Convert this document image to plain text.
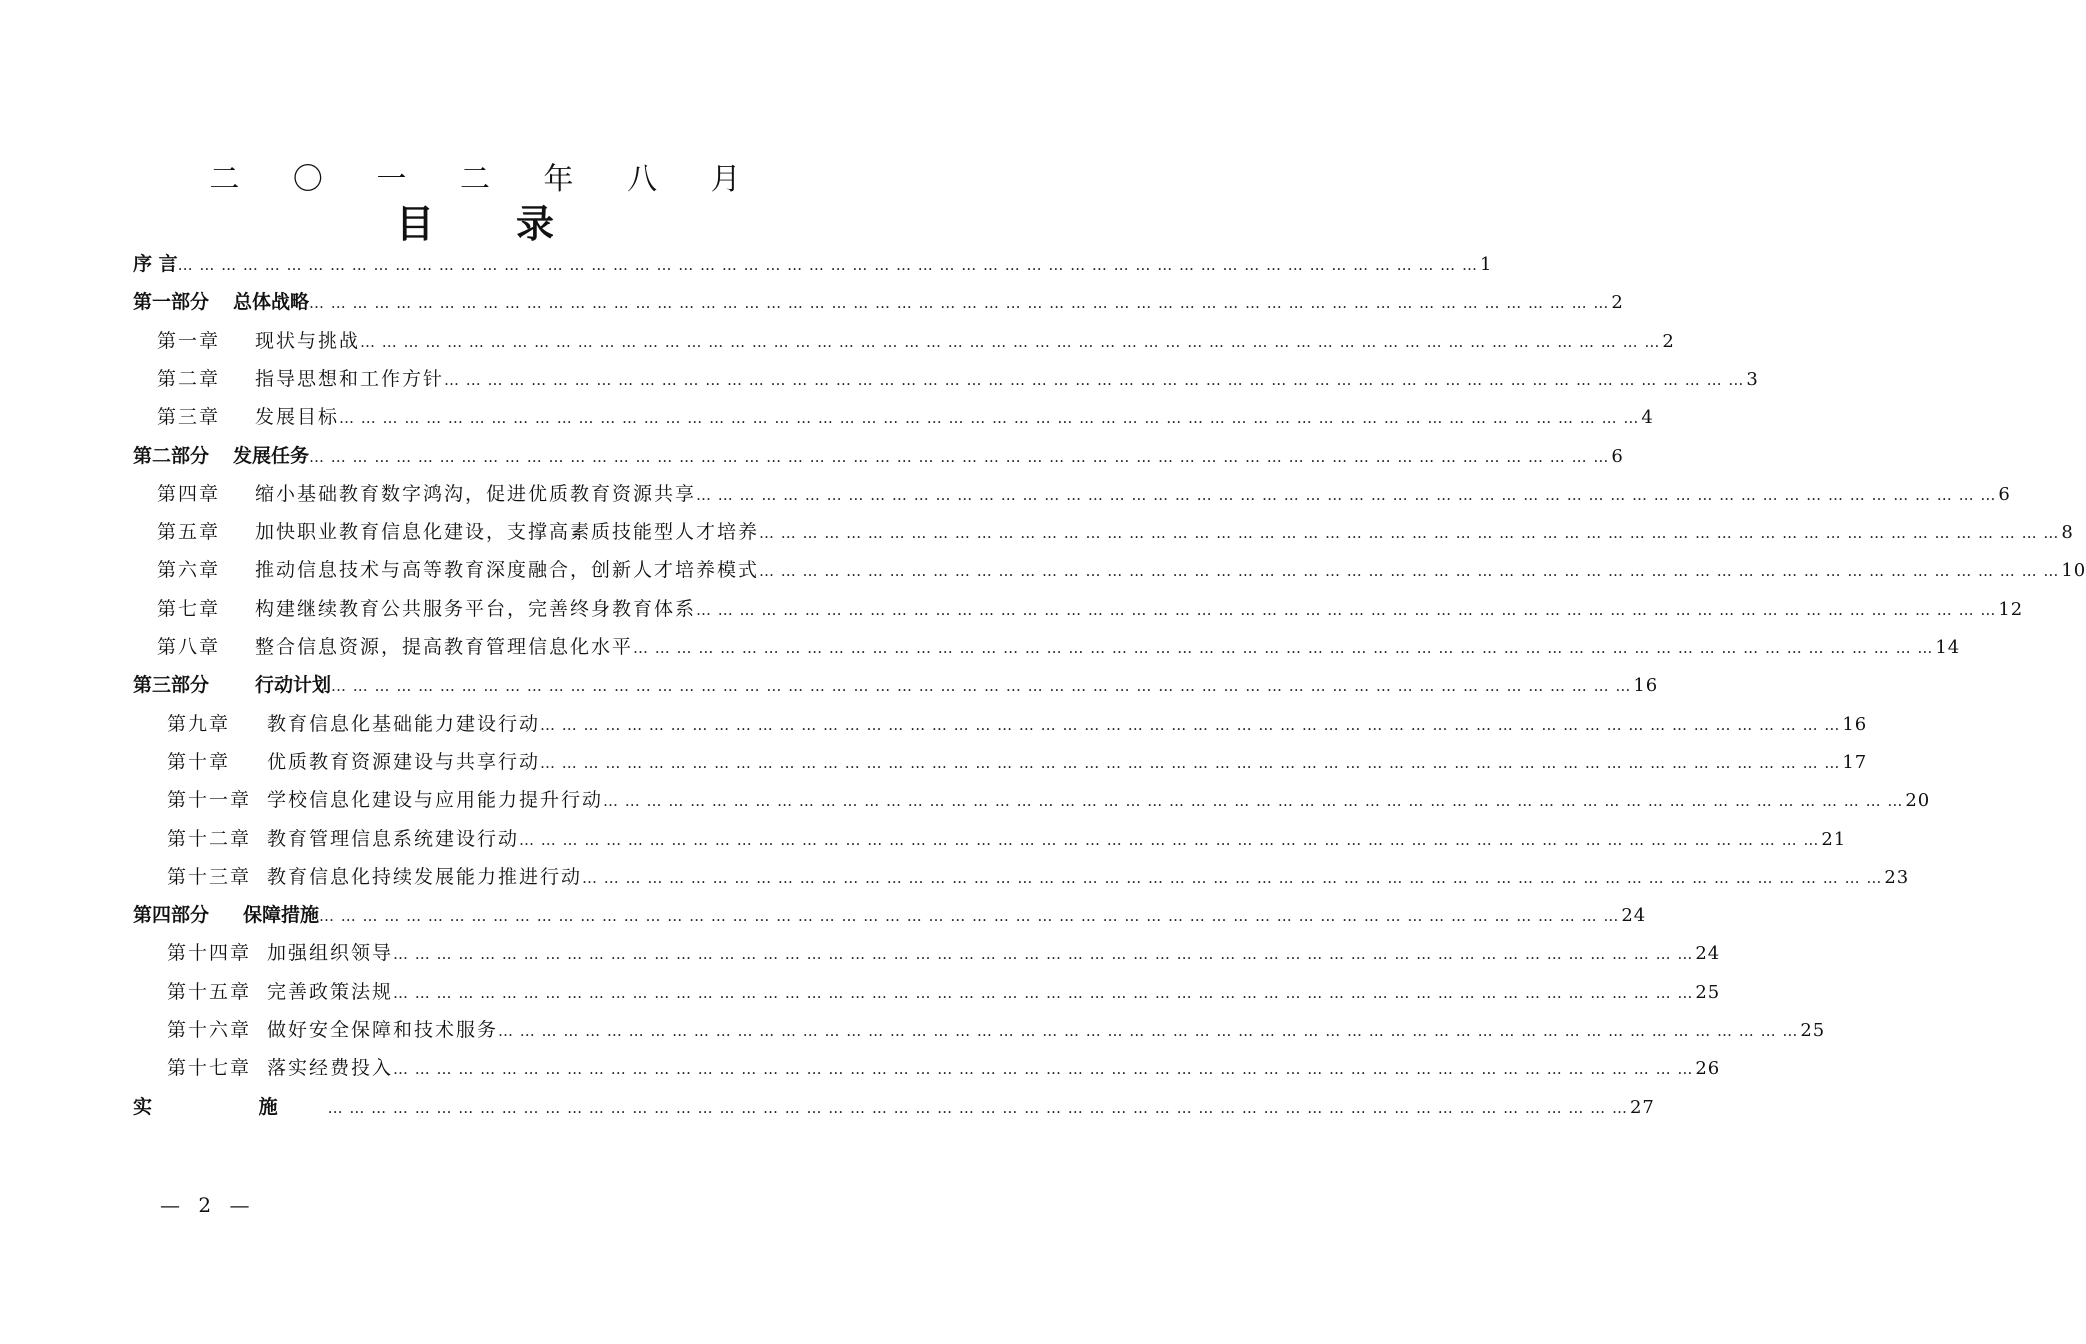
二 〇 一 二 年 八 月
目 录
序 言 … … … … … … … … … … … … … … … … … … … … … … … … … … … … … … … … … … … … … … … … … … … … … … … … … … … … … … … … … … … … 1
第一部分	总体战略 … … … … … … … … … … … … … … … … … … … … … … … … … … … … … … … … … … … … … … … … … … … … … … … … … … … … … … … … … … … … 2
第一章	现状与挑战 … … … … … … … … … … … … … … … … … … … … … … … … … … … … … … … … … … … … … … … … … … … … … … … … … … … … … … … … … … … … 2
第二章	指导思想和工作方针 … … … … … … … … … … … … … … … … … … … … … … … … … … … … … … … … … … … … … … … … … … … … … … … … … … … … … … … … … … … … 3
第三章	发展目标 … … … … … … … … … … … … … … … … … … … … … … … … … … … … … … … … … … … … … … … … … … … … … … … … … … … … … … … … … … … … 4
第二部分	发展任务 … … … … … … … … … … … … … … … … … … … … … … … … … … … … … … … … … … … … … … … … … … … … … … … … … … … … … … … … … … … … 6
第四章	缩小基础教育数字鸿沟，促进优质教育资源共享 … … … … … … … … … … … … … … … … … … … … … … … … … … … … … … … … … … … … … … … … … … … … … … … … … … … … … … … … … … … … 6
第五章	加快职业教育信息化建设，支撑高素质技能型人才培养 … … … … … … … … … … … … … … … … … … … … … … … … … … … … … … … … … … … … … … … … … … … … … … … … … … … … … … … … … … … … 8
第六章	推动信息技术与高等教育深度融合，创新人才培养模式 … … … … … … … … … … … … … … … … … … … … … … … … … … … … … … … … … … … … … … … … … … … … … … … … … … … … … … … … … … … … 10
第七章	构建继续教育公共服务平台，完善终身教育体系 … … … … … … … … … … … … … … … … … … … … … … … … … … … … … … … … … … … … … … … … … … … … … … … … … … … … … … … … … … … … 12
第八章	整合信息资源，提高教育管理信息化水平 … … … … … … … … … … … … … … … … … … … … … … … … … … … … … … … … … … … … … … … … … … … … … … … … … … … … … … … … … … … … 14
第三部分	行动计划 … … … … … … … … … … … … … … … … … … … … … … … … … … … … … … … … … … … … … … … … … … … … … … … … … … … … … … … … … … … … 16
第九章	教育信息化基础能力建设行动 … … … … … … … … … … … … … … … … … … … … … … … … … … … … … … … … … … … … … … … … … … … … … … … … … … … … … … … … … … … … 16
第十章	优质教育资源建设与共享行动 … … … … … … … … … … … … … … … … … … … … … … … … … … … … … … … … … … … … … … … … … … … … … … … … … … … … … … … … … … … … 17
第十一章 学校信息化建设与应用能力提升行动 … … … … … … … … … … … … … … … … … … … … … … … … … … … … … … … … … … … … … … … … … … … … … … … … … … … … … … … … … … … … 20
第十二章 教育管理信息系统建设行动 … … … … … … … … … … … … … … … … … … … … … … … … … … … … … … … … … … … … … … … … … … … … … … … … … … … … … … … … … … … … 21
第十三章 教育信息化持续发展能力推进行动 … … … … … … … … … … … … … … … … … … … … … … … … … … … … … … … … … … … … … … … … … … … … … … … … … … … … … … … … … … … … 23
第四部分	保障措施 … … … … … … … … … … … … … … … … … … … … … … … … … … … … … … … … … … … … … … … … … … … … … … … … … … … … … … … … … … … … 24
第十四章 加强组织领导 … … … … … … … … … … … … … … … … … … … … … … … … … … … … … … … … … … … … … … … … … … … … … … … … … … … … … … … … … … … … 24
第十五章 完善政策法规 … … … … … … … … … … … … … … … … … … … … … … … … … … … … … … … … … … … … … … … … … … … … … … … … … … … … … … … … … … … … 25
第十六章 做好安全保障和技术服务 … … … … … … … … … … … … … … … … … … … … … … … … … … … … … … … … … … … … … … … … … … … … … … … … … … … … … … … … … … … … 25
第十七章 落实经费投入 … … … … … … … … … … … … … … … … … … … … … … … … … … … … … … … … … … … … … … … … … … … … … … … … … … … … … … … … … … … … 26
实 施 … … … … … … … … … … … … … … … … … … … … … … … … … … … … … … … … … … … … … … … … … … … … … … … … … … … … … … … … … … … … 27
— 2 —
